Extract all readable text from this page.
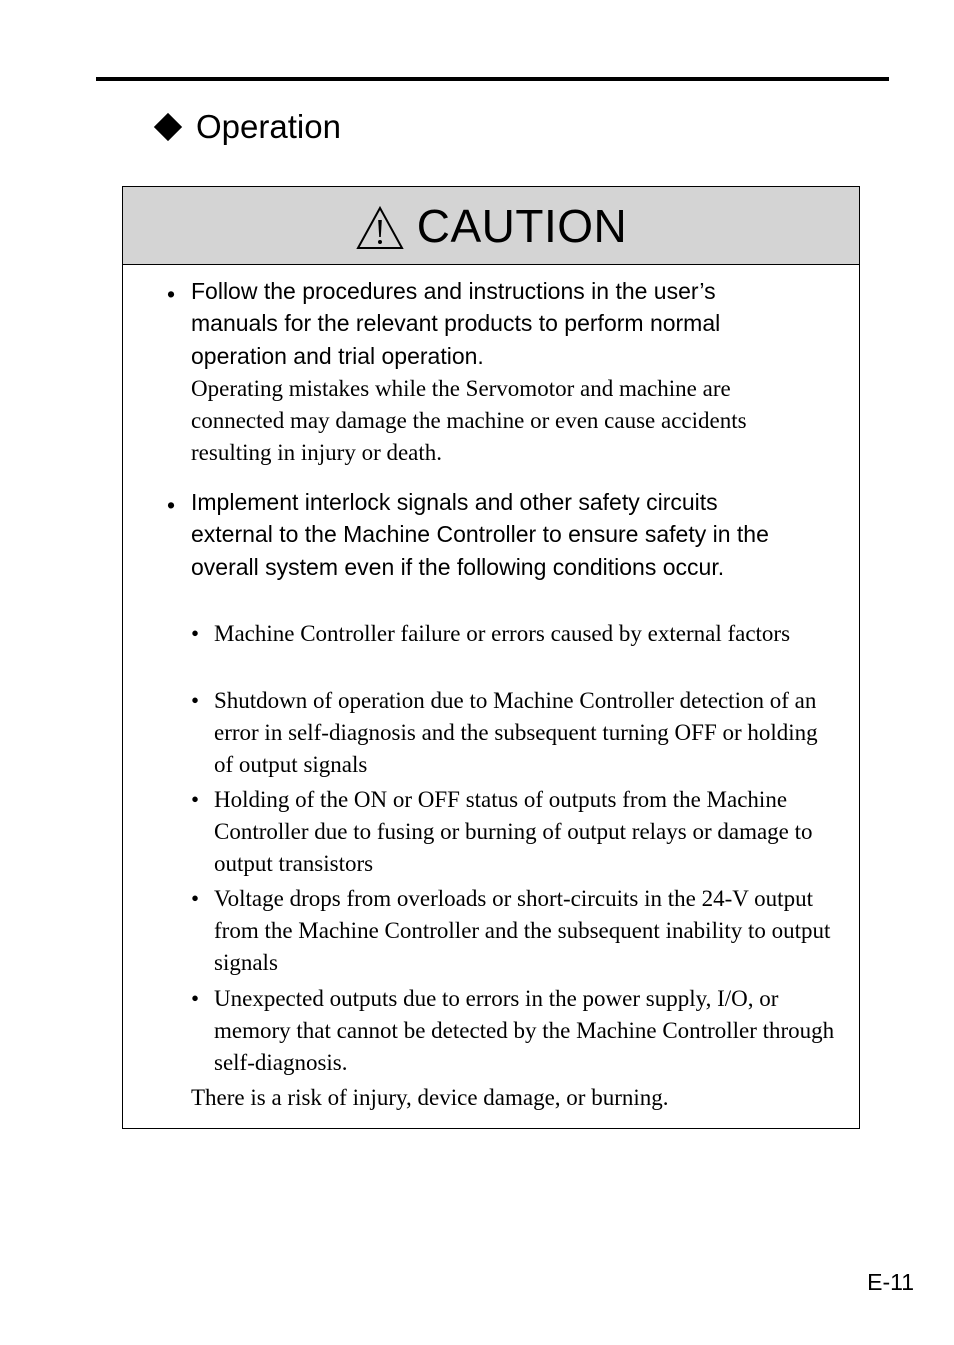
Operation
CAUTION
• Follow the procedures and instructions in the user’s manuals for the relevant products to perform normal operation and trial operation.
Operating mistakes while the Servomotor and machine are connected may damage the machine or even cause accidents resulting in injury or death.
• Implement interlock signals and other safety circuits external to the Machine Controller to ensure safety in the overall system even if the following conditions occur.
• Machine Controller failure or errors caused by external factors
• Shutdown of operation due to Machine Controller detection of an error in self-diagnosis and the subsequent turning OFF or holding of output signals
• Holding of the ON or OFF status of outputs from the Machine Controller due to fusing or burning of output relays or damage to output transistors
• Voltage drops from overloads or short-circuits in the 24-V output from the Machine Controller and the subsequent inability to output signals
• Unexpected outputs due to errors in the power supply, I/O, or memory that cannot be detected by the Machine Controller through self-diagnosis.
There is a risk of injury, device damage, or burning.
E-11
